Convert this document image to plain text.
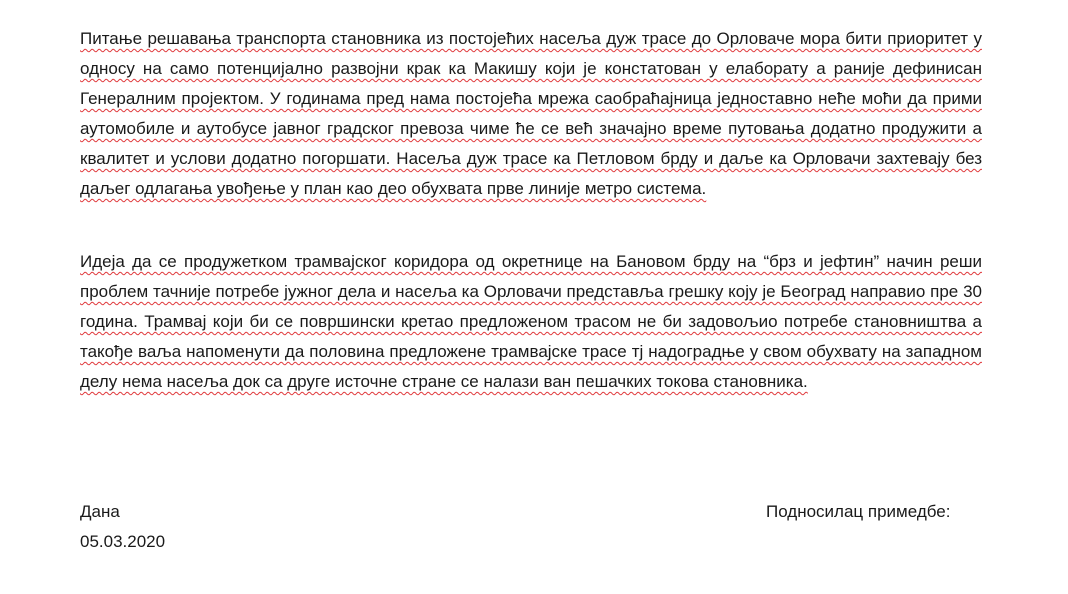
Питање решавања транспорта становника из постојећих насеља дуж трасе до Орловаче мора бити приоритет у односу на само потенцијално развојни крак ка Макишу који је констатован у елаборату а раније дефинисан Генералним пројектом. У годинама пред нама постојећа мрежа саобраћајница једноставно неће моћи да прими аутомобиле и аутобусе јавног градског превоза чиме ће се већ значајно време путовања додатно продужити а квалитет и услови додатно погоршати. Насеља дуж трасе ка Петловом брду и даље ка Орловачи захтевају без даљег одлагања увођење у план као део обухвата прве линије метро система.

Идеја да се продужетком трамвајског коридора од окретнице на Бановом брду на “брз и јефтин” начин реши проблем тачније потребе јужног дела и насеља ка Орловачи представља грешку коју је Београд направио пре 30 година. Трамвај који би се површински кретао предложеном трасом не би задовољио потребе становништва а такође ваља напоменути да половина предложене трамвајске трасе тј надоградње у свом обухвату на западном делу нема насеља док са друге источне стране се налази ван пешачких токова становника.

Дана
05.03.2020
Подносилац примедбе:
